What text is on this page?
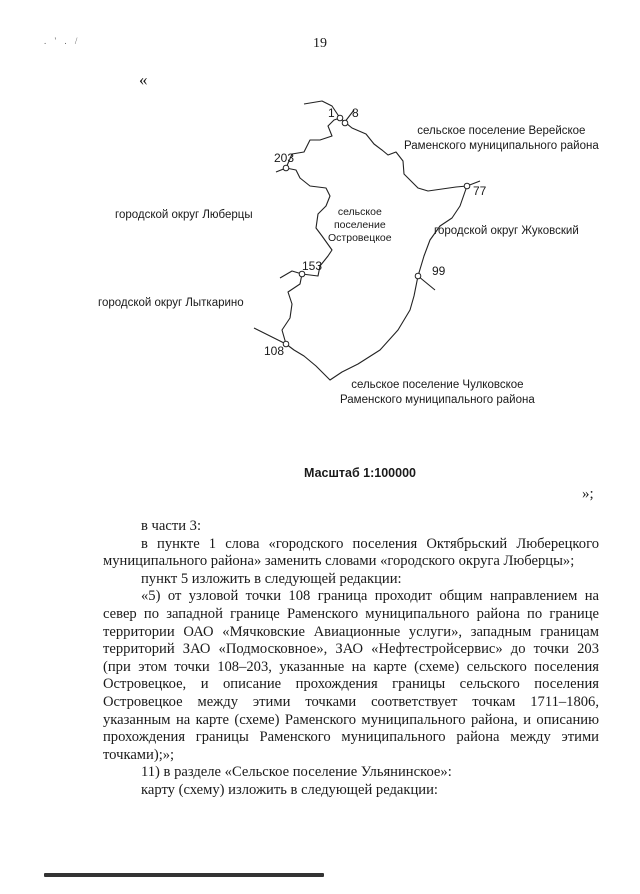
. ' . /	19
«
1 8
203
77
153	99
108
сельское поселение Верейское
Раменского муниципального района
городской округ Люберцы	сельское
поселение
Островецкое
городской округ Жуковский
городской округ Лыткарино
сельское поселение Чулковское
Раменского муниципального района
Масштаб 1:100000
»;

в части 3:

в пункте 1 слова «городского поселения Октябрьский Люберецкого муниципального района» заменить словами «городского округа Люберцы»;

пункт 5 изложить в следующей редакции:

«5) от узловой точки 108 граница проходит общим направлением на север по западной границе Раменского муниципального района по границе территории ОАО «Мячковские Авиационные услуги», западным границам территорий ЗАО «Подмосковное», ЗАО «Нефтестройсервис» до точки 203 (при этом точки 108–203, указанные на карте (схеме) сельского поселения Островецкое, и описание прохождения границы сельского поселения Островецкое между этими точками соответствует точкам 1711–1806, указанным на карте (схеме) Раменского муниципального района, и описанию прохождения границы Раменского муниципального района между этими точками);»;

11) в разделе «Сельское поселение Ульянинское»:

карту (схему) изложить в следующей редакции:
